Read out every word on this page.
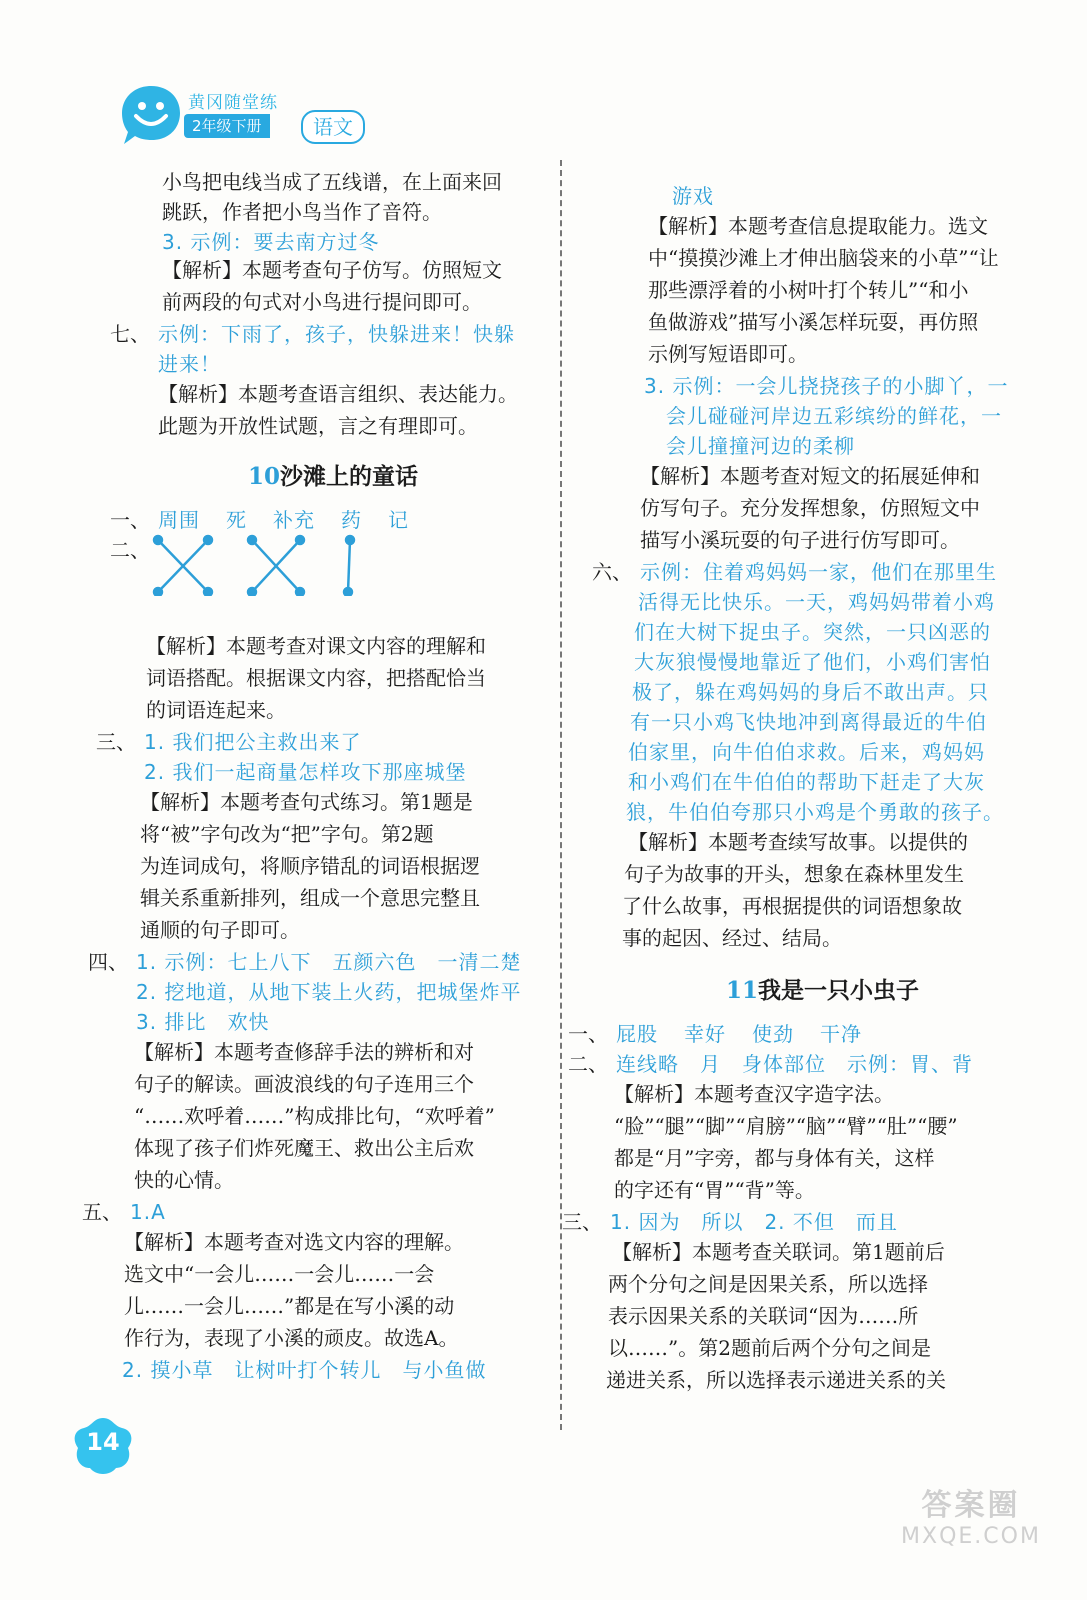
黄冈随堂练
2年级下册	语文
小鸟把电线当成了五线谱，在上面来回
跳跃，作者把小鸟当作了音符。
3. 示例：要去南方过冬
【解析】本题考查句子仿写。仿照短文
前两段的句式对小鸟进行提问即可。
七、 示例：下雨了，孩子，快躲进来！快躲
进来！
【解析】本题考查语言组织、表达能力。
此题为开放性试题，言之有理即可。
10沙滩上的童话
一、 周围 死 补充 药 记
二、
【解析】本题考查对课文内容的理解和
词语搭配。根据课文内容，把搭配恰当
的词语连起来。
三、 1. 我们把公主救出来了
2. 我们一起商量怎样攻下那座城堡
【解析】本题考查句式练习。第1题是
将“被”字句改为“把”字句。第2题
为连词成句，将顺序错乱的词语根据逻
辑关系重新排列，组成一个意思完整且
通顺的句子即可。
四、 1. 示例：七上八下　五颜六色　一清二楚
2. 挖地道，从地下装上火药，把城堡炸平
3. 排比　欢快
【解析】本题考查修辞手法的辨析和对
句子的解读。画波浪线的句子连用三个
“……欢呼着……”构成排比句，“欢呼着”
体现了孩子们炸死魔王、救出公主后欢
快的心情。
五、 1.A
【解析】本题考查对选文内容的理解。
选文中“一会儿……一会儿……一会
儿……一会儿……”都是在写小溪的动
作行为，表现了小溪的顽皮。故选A。
2. 摸小草　让树叶打个转儿　与小鱼做
游戏
【解析】本题考查信息提取能力。选文
中“摸摸沙滩上才伸出脑袋来的小草”“让
那些漂浮着的小树叶打个转儿”“和小
鱼做游戏”描写小溪怎样玩耍，再仿照
示例写短语即可。
3. 示例：一会儿挠挠孩子的小脚丫，一
会儿碰碰河岸边五彩缤纷的鲜花，一
会儿撞撞河边的柔柳
【解析】本题考查对短文的拓展延伸和
仿写句子。充分发挥想象，仿照短文中
描写小溪玩耍的句子进行仿写即可。
六、 示例：住着鸡妈妈一家，他们在那里生
活得无比快乐。一天，鸡妈妈带着小鸡
们在大树下捉虫子。突然，一只凶恶的
大灰狼慢慢地靠近了他们，小鸡们害怕
极了，躲在鸡妈妈的身后不敢出声。只
有一只小鸡飞快地冲到离得最近的牛伯
伯家里，向牛伯伯求救。后来，鸡妈妈
和小鸡们在牛伯伯的帮助下赶走了大灰
狼，牛伯伯夸那只小鸡是个勇敢的孩子。
【解析】本题考查续写故事。以提供的
句子为故事的开头，想象在森林里发生
了什么故事，再根据提供的词语想象故
事的起因、经过、结局。
11我是一只小虫子
一、 屁股 幸好 使劲 干净
二、 连线略　月　身体部位　示例：胃、背
【解析】本题考查汉字造字法。
“脸”“腿”“脚”“肩膀”“脑”“臂”“肚”“腰”
都是“月”字旁，都与身体有关，这样
的字还有“胃”“背”等。
三、 1. 因为　所以　2. 不但　而且
【解析】本题考查关联词。第1题前后
两个分句之间是因果关系，所以选择
表示因果关系的关联词“因为……所
以……”。第2题前后两个分句之间是
递进关系，所以选择表示递进关系的关
14
答案圈
MXQE.COM
